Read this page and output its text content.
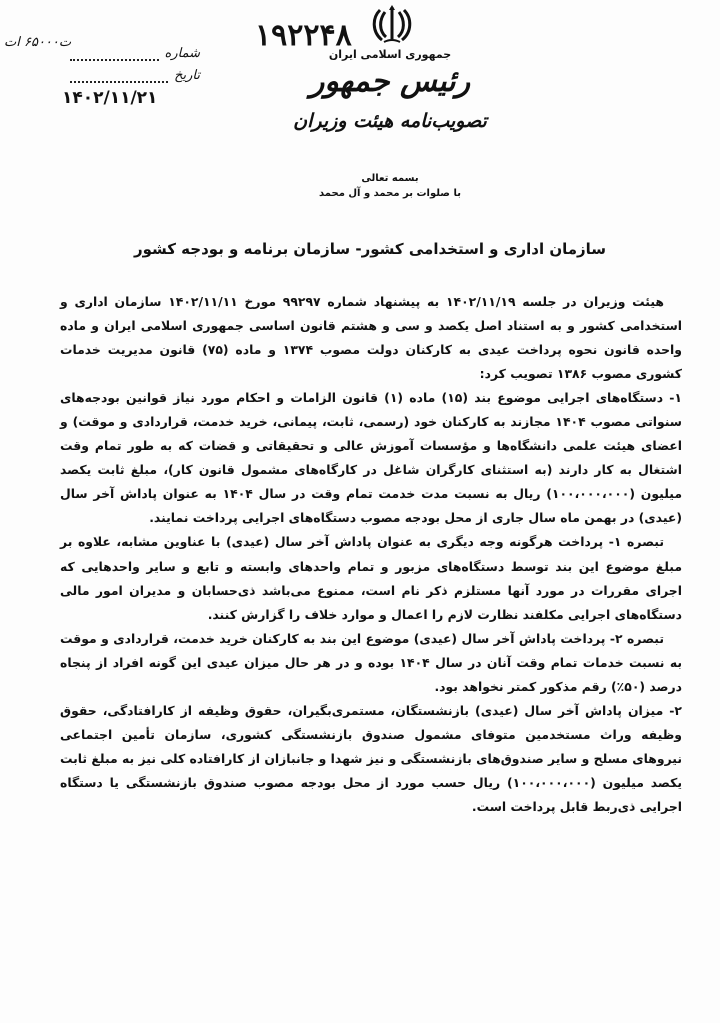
۱۹۲۲۴۸
ت۶۵۰۰۰ ات
شماره
تاریخ
۱۴۰۲/۱۱/۲۱
جمهوری اسلامی ایران
رئیس جمهور
تصویب‌نامه هیئت وزیران
بسمه تعالی
با صلوات بر محمد و آل محمد
سازمان اداری و استخدامی کشور- سازمان برنامه و بودجه کشور

هیئت وزیران در جلسه ۱۴۰۲/۱۱/۱۹ به پیشنهاد شماره ۹۹۲۹۷ مورخ ۱۴۰۲/۱۱/۱۱ سازمان اداری و استخدامی کشور و به استناد اصل یکصد و سی و هشتم قانون اساسی جمهوری اسلامی ایران و ماده واحده قانون نحوه پرداخت عیدی به کارکنان دولت مصوب ۱۳۷۴ و ماده (۷۵) قانون مدیریت خدمات کشوری مصوب ۱۳۸۶ تصویب کرد:

۱- دستگاه‌های اجرایی موضوع بند (۱۵) ماده (۱) قانون الزامات و احکام مورد نیاز قوانین بودجه‌های سنواتی مصوب ۱۴۰۴ مجازند به کارکنان خود (رسمی، ثابت، پیمانی، خرید خدمت، قراردادی و موقت) و اعضای هیئت علمی دانشگاه‌ها و مؤسسات آموزش عالی و تحقیقاتی و قضات که به طور تمام وقت اشتغال به کار دارند (به استثنای کارگران شاغل در کارگاه‌های مشمول قانون کار)، مبلغ ثابت یکصد میلیون (۱۰۰،۰۰۰،۰۰۰) ریال به نسبت مدت خدمت تمام وقت در سال ۱۴۰۴ به عنوان پاداش آخر سال (عیدی) در بهمن ماه سال جاری از محل بودجه مصوب دستگاه‌های اجرایی پرداخت نمایند.

تبصره ۱- پرداخت هرگونه وجه دیگری به عنوان پاداش آخر سال (عیدی) با عناوین مشابه، علاوه بر مبلغ موضوع این بند توسط دستگاه‌های مزبور و تمام واحدهای وابسته و تابع و سایر واحدهایی که اجرای مقررات در مورد آنها مستلزم ذکر نام است، ممنوع می‌باشد ذی‌حسابان و مدیران امور مالی دستگاه‌های اجرایی مکلفند نظارت لازم را اعمال و موارد خلاف را گزارش کنند.

تبصره ۲- پرداخت پاداش آخر سال (عیدی) موضوع این بند به کارکنان خرید خدمت، قراردادی و موقت به نسبت خدمات تمام وقت آنان در سال ۱۴۰۴ بوده و در هر حال میزان عیدی این گونه افراد از پنجاه درصد (۵۰٪) رقم مذکور کمتر نخواهد بود.

۲- میزان پاداش آخر سال (عیدی) بازنشستگان، مستمری‌بگیران، حقوق وظیفه از کارافتادگی، حقوق وظیفه وراث مستخدمین متوفای مشمول صندوق بازنشستگی کشوری، سازمان تأمین اجتماعی نیروهای مسلح و سایر صندوق‌های بازنشستگی و نیز شهدا و جانبازان از کارافتاده کلی نیز به مبلغ ثابت یکصد میلیون (۱۰۰،۰۰۰،۰۰۰) ریال حسب مورد از محل بودجه مصوب صندوق بازنشستگی یا دستگاه اجرایی ذی‌ربط قابل پرداخت است.
